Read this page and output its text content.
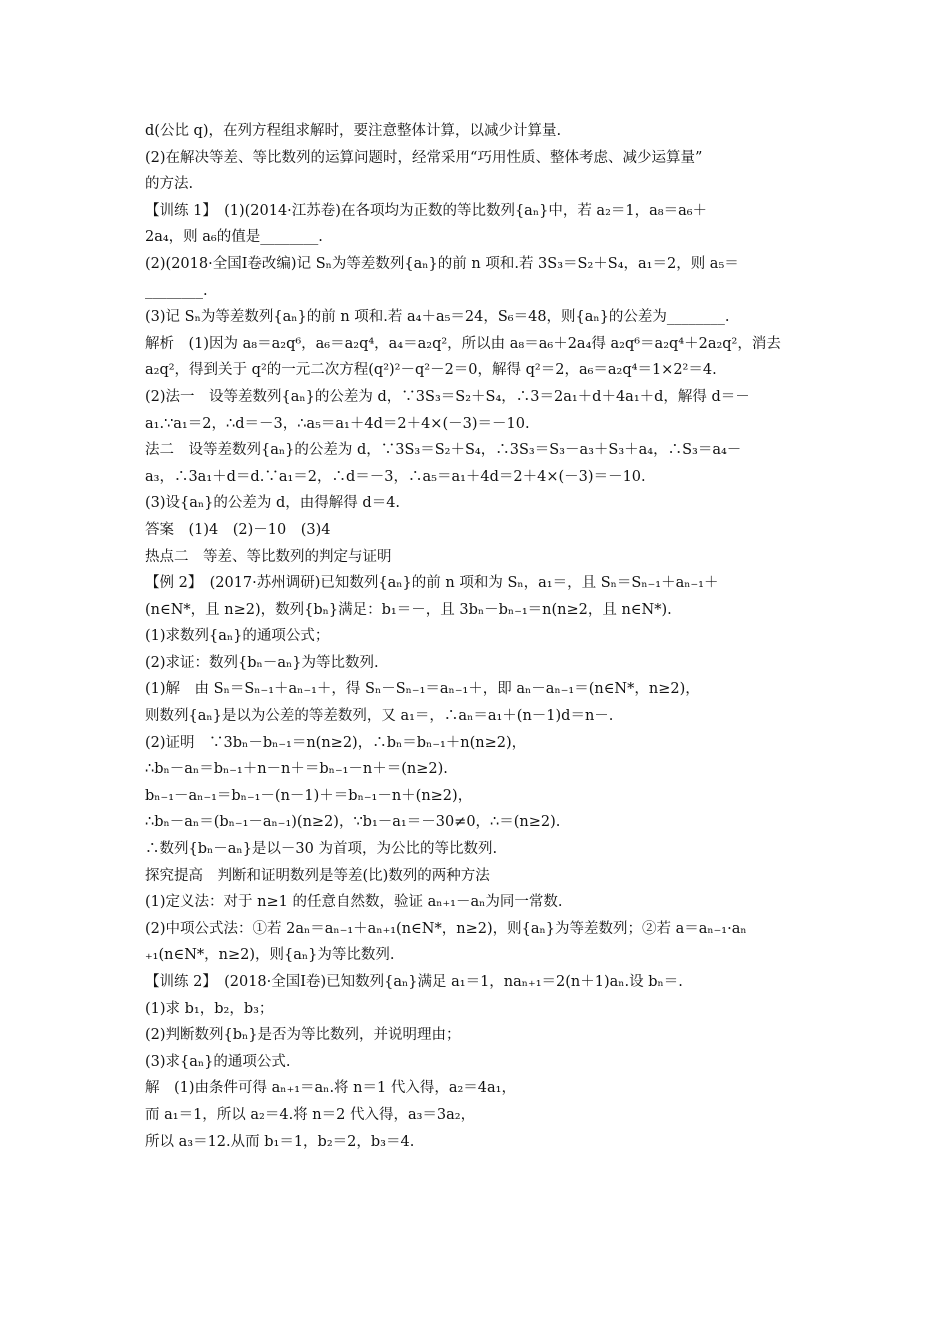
d(公比 q)，在列方程组求解时，要注意整体计算，以减少计算量.
(2)在解决等差、等比数列的运算问题时，经常采用“巧用性质、整体考虑、减少运算量”
的方法.
【训练 1】　(1)(2014·江苏卷)在各项均为正数的等比数列{aₙ}中，若 a₂＝1，a₈＝a₆＋
2a₄，则 a₆的值是________.
(2)(2018·全国Ⅰ卷改编)记 Sₙ为等差数列{aₙ}的前 n 项和.若 3S₃＝S₂＋S₄，a₁＝2，则 a₅＝
________.
(3)记 Sₙ为等差数列{aₙ}的前 n 项和.若 a₄＋a₅＝24，S₆＝48，则{aₙ}的公差为________.
解析　(1)因为 a₈＝a₂q⁶，a₆＝a₂q⁴，a₄＝a₂q²，所以由 a₈＝a₆＋2a₄得 a₂q⁶＝a₂q⁴＋2a₂q²，消去
a₂q²，得到关于 q²的一元二次方程(q²)²－q²－2＝0，解得 q²＝2，a₆＝a₂q⁴＝1×2²＝4.
(2)法一　设等差数列{aₙ}的公差为 d，∵3S₃＝S₂＋S₄，∴3＝2a₁＋d＋4a₁＋d，解得 d＝－
a₁.∵a₁＝2，∴d＝－3，∴a₅＝a₁＋4d＝2＋4×(－3)＝－10.
法二　设等差数列{aₙ}的公差为 d，∵3S₃＝S₂＋S₄，∴3S₃＝S₃－a₃＋S₃＋a₄，∴S₃＝a₄－
a₃，∴3a₁＋d＝d.∵a₁＝2，∴d＝－3，∴a₅＝a₁＋4d＝2＋4×(－3)＝－10.
(3)设{aₙ}的公差为 d，由得解得 d＝4.
答案　(1)4　(2)－10　(3)4
热点二　等差、等比数列的判定与证明
【例 2】　(2017·苏州调研)已知数列{aₙ}的前 n 项和为 Sₙ，a₁＝，且 Sₙ＝Sₙ₋₁＋aₙ₋₁＋
(n∈N*，且 n≥2)，数列{bₙ}满足：b₁＝－，且 3bₙ－bₙ₋₁＝n(n≥2，且 n∈N*).
(1)求数列{aₙ}的通项公式；
(2)求证：数列{bₙ－aₙ}为等比数列.
(1)解　由 Sₙ＝Sₙ₋₁＋aₙ₋₁＋，得 Sₙ－Sₙ₋₁＝aₙ₋₁＋，即 aₙ－aₙ₋₁＝(n∈N*，n≥2)，
则数列{aₙ}是以为公差的等差数列，又 a₁＝，∴aₙ＝a₁＋(n－1)d＝n－.
(2)证明　∵3bₙ－bₙ₋₁＝n(n≥2)，∴bₙ＝bₙ₋₁＋n(n≥2)，
∴bₙ－aₙ＝bₙ₋₁＋n－n＋＝bₙ₋₁－n＋＝(n≥2).
bₙ₋₁－aₙ₋₁＝bₙ₋₁－(n－1)＋＝bₙ₋₁－n＋(n≥2)，
∴bₙ－aₙ＝(bₙ₋₁－aₙ₋₁)(n≥2)，∵b₁－a₁＝－30≠0，∴＝(n≥2).
∴数列{bₙ－aₙ}是以－30 为首项，为公比的等比数列.
探究提高　判断和证明数列是等差(比)数列的两种方法
(1)定义法：对于 n≥1 的任意自然数，验证 aₙ₊₁－aₙ为同一常数.
(2)中项公式法：①若 2aₙ＝aₙ₋₁＋aₙ₊₁(n∈N*，n≥2)，则{aₙ}为等差数列；②若 a＝aₙ₋₁·aₙ
₊₁(n∈N*，n≥2)，则{aₙ}为等比数列.
【训练 2】　(2018·全国Ⅰ卷)已知数列{aₙ}满足 a₁＝1，naₙ₊₁＝2(n＋1)aₙ.设 bₙ＝.
(1)求 b₁，b₂，b₃；
(2)判断数列{bₙ}是否为等比数列，并说明理由；
(3)求{aₙ}的通项公式.
解　(1)由条件可得 aₙ₊₁＝aₙ.将 n＝1 代入得，a₂＝4a₁，
而 a₁＝1，所以 a₂＝4.将 n＝2 代入得，a₃＝3a₂，
所以 a₃＝12.从而 b₁＝1，b₂＝2，b₃＝4.
